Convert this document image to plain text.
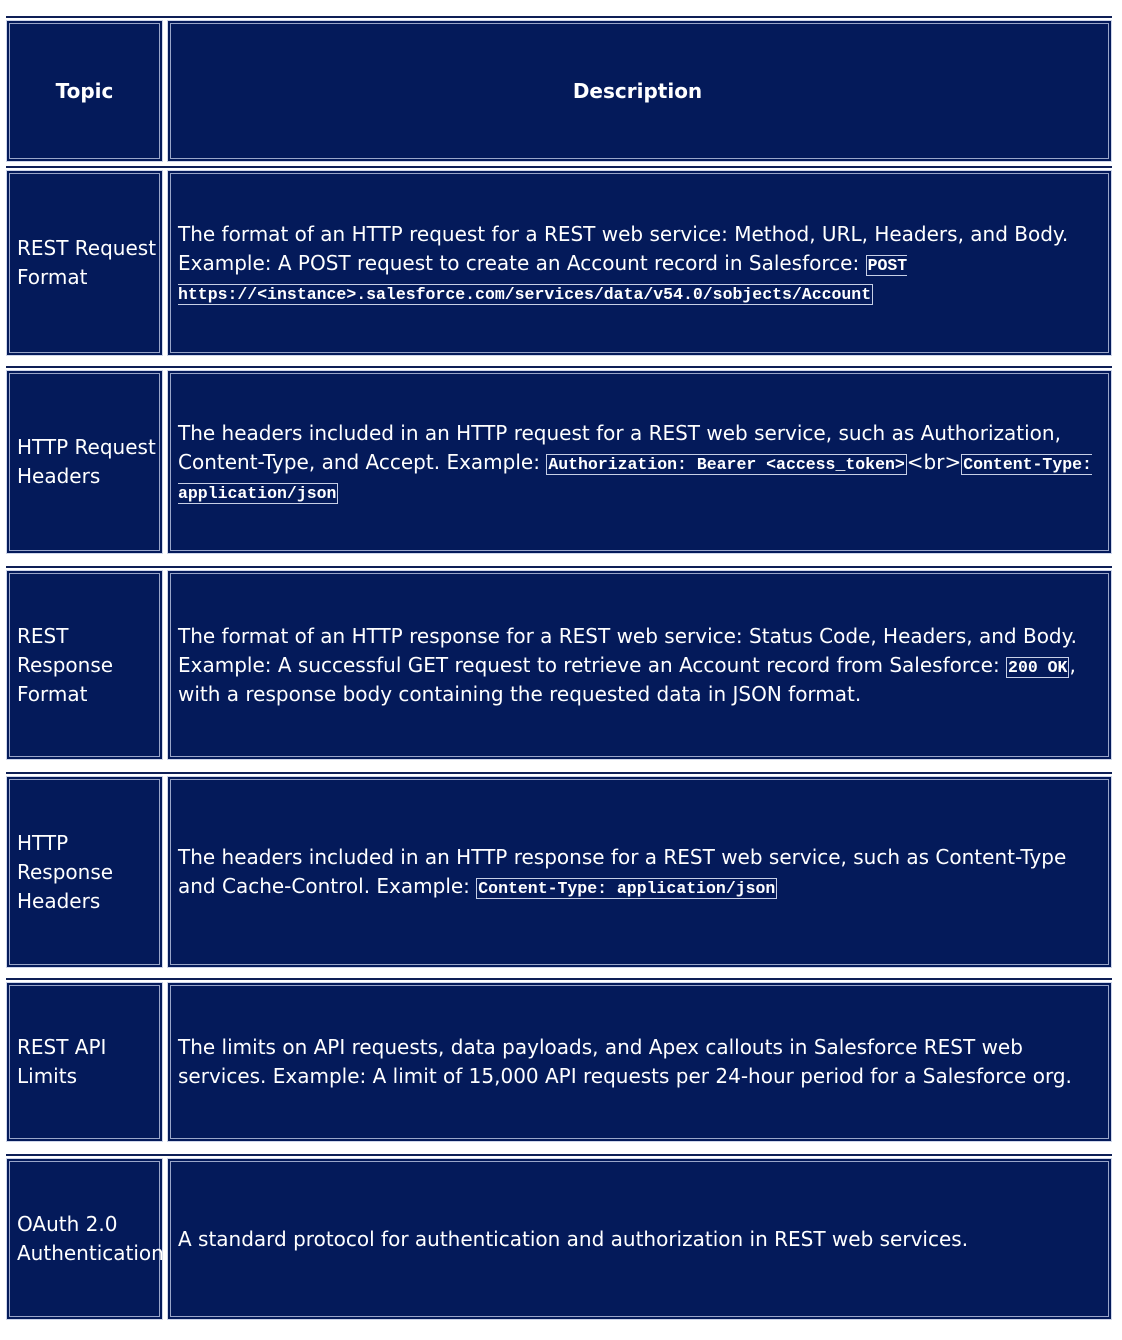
Topic	Description
REST Request Format
The format of an HTTP request for a REST web service: Method, URL, Headers, and Body. Example: A POST request to create an Account record in Salesforce: POST https://<instance>.salesforce.com/services/data/v54.0/sobjects/Account
HTTP Request Headers
The headers included in an HTTP request for a REST web service, such as Authorization, Content-Type, and Accept. Example: Authorization: Bearer <access_token> <br> Content-Type: application/json
REST Response Format
The format of an HTTP response for a REST web service: Status Code, Headers, and Body. Example: A successful GET request to retrieve an Account record from Salesforce: 200 OK , with a response body containing the requested data in JSON format.
HTTP Response Headers
The headers included in an HTTP response for a REST web service, such as Content-Type and Cache-Control. Example: Content-Type: application/json
REST API Limits
The limits on API requests, data payloads, and Apex callouts in Salesforce REST web services. Example: A limit of 15,000 API requests per 24-hour period for a Salesforce org.
OAuth 2.0 Authentication
A standard protocol for authentication and authorization in REST web services.
